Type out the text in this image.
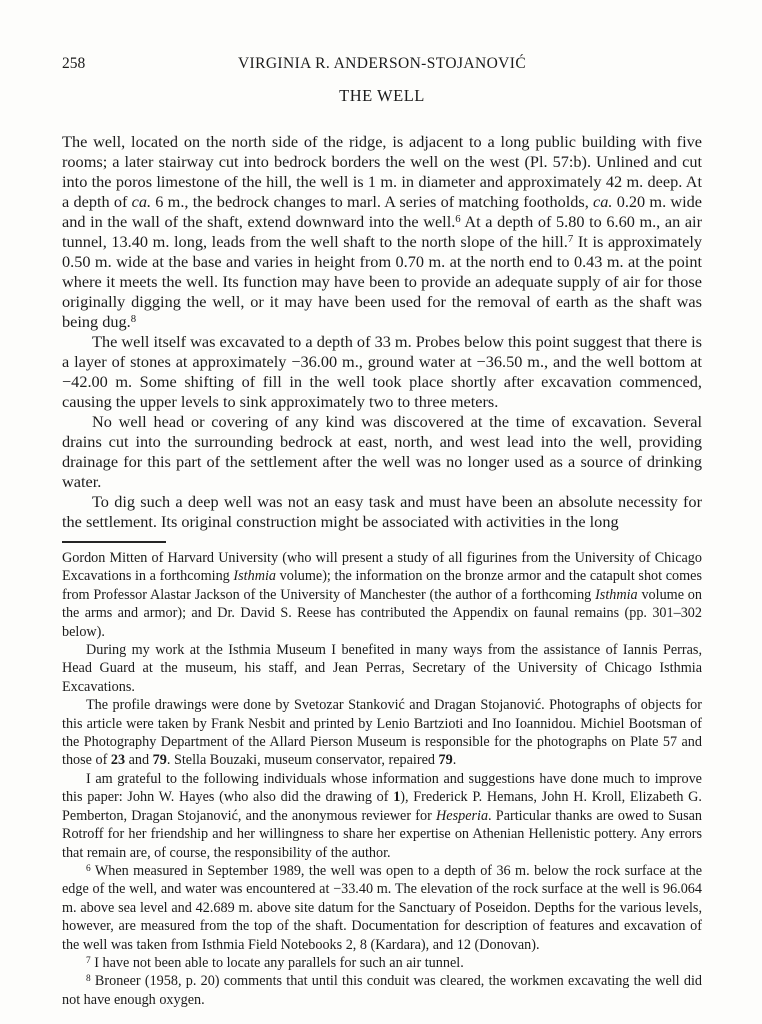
258	VIRGINIA R. ANDERSON-STOJANOVIĆ
THE WELL

The well, located on the north side of the ridge, is adjacent to a long public building with five rooms; a later stairway cut into bedrock borders the well on the west (Pl. 57:b). Unlined and cut into the poros limestone of the hill, the well is 1 m. in diameter and approximately 42 m. deep. At a depth of ca. 6 m., the bedrock changes to marl. A series of matching footholds, ca. 0.20 m. wide and in the wall of the shaft, extend downward into the well.$^6$ At a depth of 5.80 to 6.60 m., an air tunnel, 13.40 m. long, leads from the well shaft to the north slope of the hill.$^7$ It is approximately 0.50 m. wide at the base and varies in height from 0.70 m. at the north end to 0.43 m. at the point where it meets the well. Its function may have been to provide an adequate supply of air for those originally digging the well, or it may have been used for the removal of earth as the shaft was being dug.$^8$

The well itself was excavated to a depth of 33 m. Probes below this point suggest that there is a layer of stones at approximately −36.00 m., ground water at −36.50 m., and the well bottom at −42.00 m. Some shifting of fill in the well took place shortly after excavation commenced, causing the upper levels to sink approximately two to three meters.

No well head or covering of any kind was discovered at the time of excavation. Several drains cut into the surrounding bedrock at east, north, and west lead into the well, providing drainage for this part of the settlement after the well was no longer used as a source of drinking water.

To dig such a deep well was not an easy task and must have been an absolute necessity for the settlement. Its original construction might be associated with activities in the long

Gordon Mitten of Harvard University (who will present a study of all figurines from the University of Chicago Excavations in a forthcoming Isthmia volume); the information on the bronze armor and the catapult shot comes from Professor Alastar Jackson of the University of Manchester (the author of a forthcoming Isthmia volume on the arms and armor); and Dr. David S. Reese has contributed the Appendix on faunal remains (pp. 301–302 below).

During my work at the Isthmia Museum I benefited in many ways from the assistance of Iannis Perras, Head Guard at the museum, his staff, and Jean Perras, Secretary of the University of Chicago Isthmia Excavations.

The profile drawings were done by Svetozar Stanković and Dragan Stojanović. Photographs of objects for this article were taken by Frank Nesbit and printed by Lenio Bartzioti and Ino Ioannidou. Michiel Bootsman of the Photography Department of the Allard Pierson Museum is responsible for the photographs on Plate 57 and those of 23 and 79. Stella Bouzaki, museum conservator, repaired 79.

I am grateful to the following individuals whose information and suggestions have done much to improve this paper: John W. Hayes (who also did the drawing of 1), Frederick P. Hemans, John H. Kroll, Elizabeth G. Pemberton, Dragan Stojanović, and the anonymous reviewer for Hesperia. Particular thanks are owed to Susan Rotroff for her friendship and her willingness to share her expertise on Athenian Hellenistic pottery. Any errors that remain are, of course, the responsibility of the author.

$^6$ When measured in September 1989, the well was open to a depth of 36 m. below the rock surface at the edge of the well, and water was encountered at −33.40 m. The elevation of the rock surface at the well is 96.064 m. above sea level and 42.689 m. above site datum for the Sanctuary of Poseidon. Depths for the various levels, however, are measured from the top of the shaft. Documentation for description of features and excavation of the well was taken from Isthmia Field Notebooks 2, 8 (Kardara), and 12 (Donovan).

$^7$ I have not been able to locate any parallels for such an air tunnel.

$^8$ Broneer (1958, p. 20) comments that until this conduit was cleared, the workmen excavating the well did not have enough oxygen.
